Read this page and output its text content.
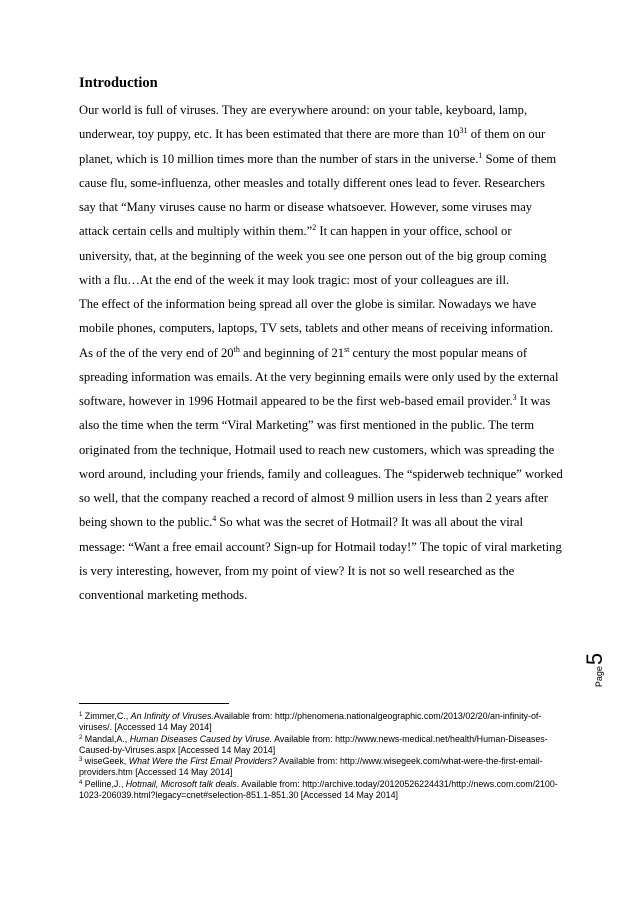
Introduction

Our world is full of viruses. They are everywhere around: on your table, keyboard, lamp, underwear, toy puppy, etc. It has been estimated that there are more than $10^{31}$ of them on our planet, which is 10 million times more than the number of stars in the universe.$^1$ Some of them cause flu, some-influenza, other measles and totally different ones lead to fever. Researchers say that “Many viruses cause no harm or disease whatsoever. However, some viruses may attack certain cells and multiply within them.”$^2$ It can happen in your office, school or university, that, at the beginning of the week you see one person out of the big group coming with a flu…At the end of the week it may look tragic: most of your colleagues are ill.

The effect of the information being spread all over the globe is similar. Nowadays we have mobile phones, computers, laptops, TV sets, tablets and other means of receiving information. As of the of the very end of 20th and beginning of 21st century the most popular means of spreading information was emails. At the very beginning emails were only used by the external software, however in 1996 Hotmail appeared to be the first web-based email provider.$^3$ It was also the time when the term “Viral Marketing” was first mentioned in the public. The term originated from the technique, Hotmail used to reach new customers, which was spreading the word around, including your friends, family and colleagues. The “spiderweb technique” worked so well, that the company reached a record of almost 9 million users in less than 2 years after being shown to the public.$^4$ So what was the secret of Hotmail? It was all about the viral message: “Want a free email account? Sign-up for Hotmail today!” The topic of viral marketing is very interesting, however, from my point of view? It is not so well researched as the conventional marketing methods.

Page
5

$^1$ Zimmer,C., An Infinity of Viruses.Available from: http://phenomena.nationalgeographic.com/2013/02/20/an-infinity-of-viruses/. [Accessed 14 May 2014]

$^2$ Mandal,A., Human Diseases Caused by Viruse. Available from: http://www.news-medical.net/health/Human-Diseases-Caused-by-Viruses.aspx [Accessed 14 May 2014]

$^3$ wiseGeek, What Were the First Email Providers? Available from: http://www.wisegeek.com/what-were-the-first-email-providers.htm [Accessed 14 May 2014]

$^4$ Pelline,J., Hotmail, Microsoft talk deals. Available from: http://archive.today/20120526224431/http://news.com.com/2100-1023-206039.html?legacy=cnet#selection-851.1-851.30 [Accessed 14 May 2014]
